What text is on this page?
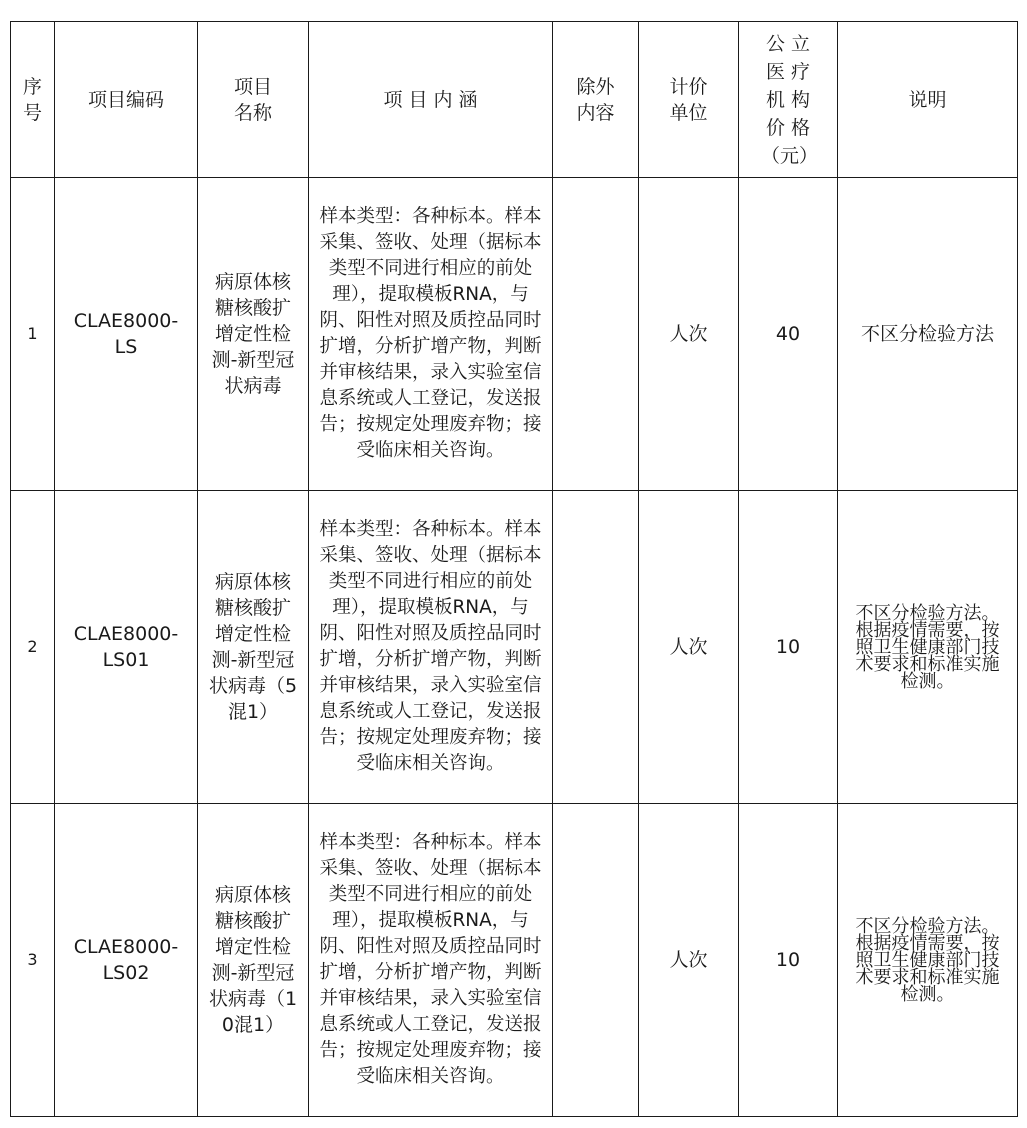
序号	项目编码	项目名称	项 目 内 涵	除外内容	计价单位	公 立 医 疗 机 构 价 格（元）	说明
1	CLAE8000-LS	病原体核糖核酸扩增定性检测-新型冠状病毒	样本类型：各种标本。样本采集、签收、处理（据标本类型不同进行相应的前处理），提取模板RNA，与阴、阳性对照及质控品同时扩增，分析扩增产物，判断并审核结果，录入实验室信息系统或人工登记，发送报告；按规定处理废弃物；接受临床相关咨询。		人次	40	不区分检验方法
2	CLAE8000-LS01	病原体核糖核酸扩增定性检测-新型冠状病毒（5混1）	样本类型：各种标本。样本采集、签收、处理（据标本类型不同进行相应的前处理），提取模板RNA，与阴、阳性对照及质控品同时扩增，分析扩增产物，判断并审核结果，录入实验室信息系统或人工登记，发送报告；按规定处理废弃物；接受临床相关咨询。		人次	10	不区分检验方法。根据疫情需要，按照卫生健康部门技术要求和标准实施检测。
3	CLAE8000-LS02	病原体核糖核酸扩增定性检测-新型冠状病毒（10混1）	样本类型：各种标本。样本采集、签收、处理（据标本类型不同进行相应的前处理），提取模板RNA，与阴、阳性对照及质控品同时扩增，分析扩增产物，判断并审核结果，录入实验室信息系统或人工登记，发送报告；按规定处理废弃物；接受临床相关咨询。		人次	10	不区分检验方法。根据疫情需要，按照卫生健康部门技术要求和标准实施检测。
